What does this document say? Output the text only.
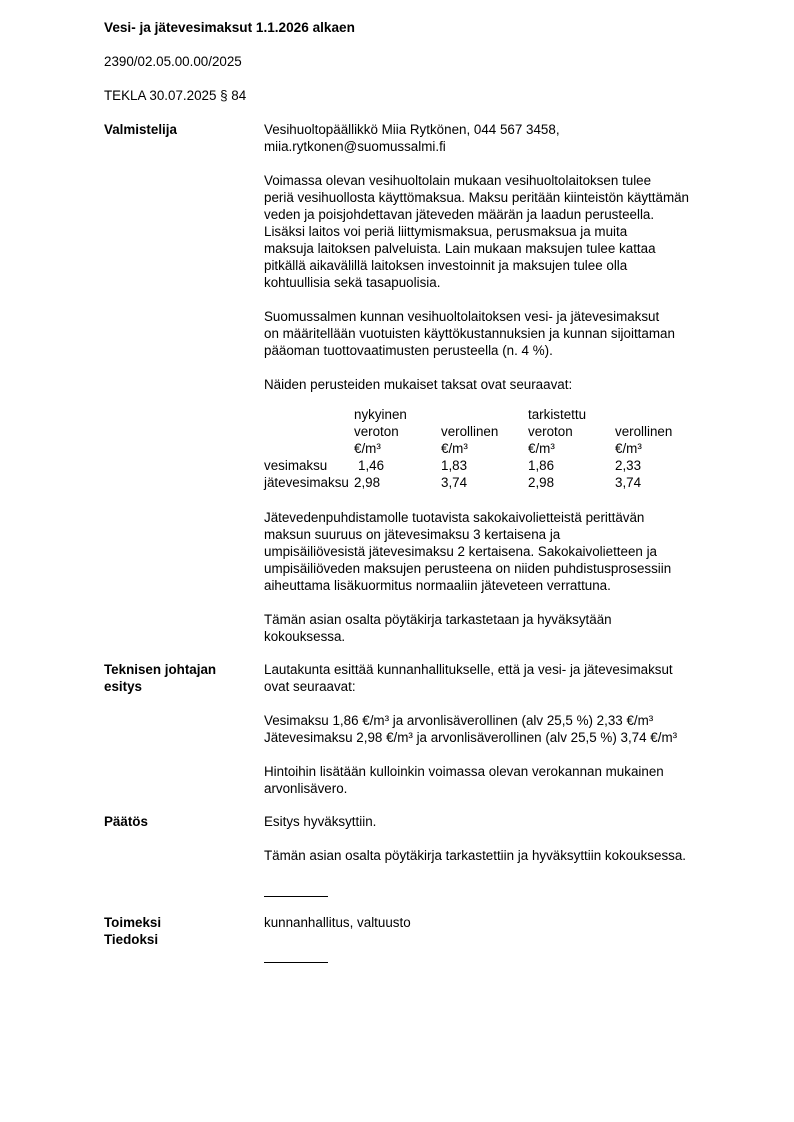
Vesi- ja jätevesimaksut 1.1.2026 alkaen
2390/02.05.00.00/2025
TEKLA 30.07.2025 § 84
Valmistelija	Vesihuoltopäällikkö Miia Rytkönen, 044 567 3458,
miia.rytkonen@suomussalmi.fi
Voimassa olevan vesihuoltolain mukaan vesihuoltolaitoksen tulee
periä vesihuollosta käyttömaksua. Maksu peritään kiinteistön käyttämän
veden ja poisjohdettavan jäteveden määrän ja laadun perusteella.
Lisäksi laitos voi periä liittymismaksua, perusmaksua ja muita
maksuja laitoksen palveluista. Lain mukaan maksujen tulee kattaa
pitkällä aikavälillä laitoksen investoinnit ja maksujen tulee olla
kohtuullisia sekä tasapuolisia.
Suomussalmen kunnan vesihuoltolaitoksen vesi- ja jätevesimaksut
on määritellään vuotuisten käyttökustannuksien ja kunnan sijoittaman
pääoman tuottovaatimusten perusteella (n. 4 %).
Näiden perusteiden mukaiset taksat ovat seuraavat:
	nykyinen		tarkistettu	
	veroton	verollinen	veroton	verollinen
	€/m³	€/m³	€/m³	€/m³
vesimaksu	1,46	1,83	1,86	2,33
jätevesimaksu	2,98	3,74	2,98	3,74
Jätevedenpuhdistamolle tuotavista sakokaivolietteistä perittävän
maksun suuruus on jätevesimaksu 3 kertaisena ja
umpisäiliövesistä jätevesimaksu 2 kertaisena. Sakokaivolietteen ja
umpisäiliöveden maksujen perusteena on niiden puhdistusprosessiin
aiheuttama lisäkuormitus normaaliin jäteveteen verrattuna.
Tämän asian osalta pöytäkirja tarkastetaan ja hyväksytään
kokouksessa.
Teknisen johtajan
esitys
Lautakunta esittää kunnanhallitukselle, että ja vesi- ja jätevesimaksut
ovat seuraavat:
Vesimaksu 1,86 €/m³ ja arvonlisäverollinen (alv 25,5 %) 2,33 €/m³
Jätevesimaksu 2,98 €/m³ ja arvonlisäverollinen (alv 25,5 %) 3,74 €/m³
Hintoihin lisätään kulloinkin voimassa olevan verokannan mukainen
arvonlisävero.
Päätös	Esitys hyväksyttiin.
Tämän asian osalta pöytäkirja tarkastettiin ja hyväksyttiin kokouksessa.
Toimeksi
Tiedoksi
kunnanhallitus, valtuusto
